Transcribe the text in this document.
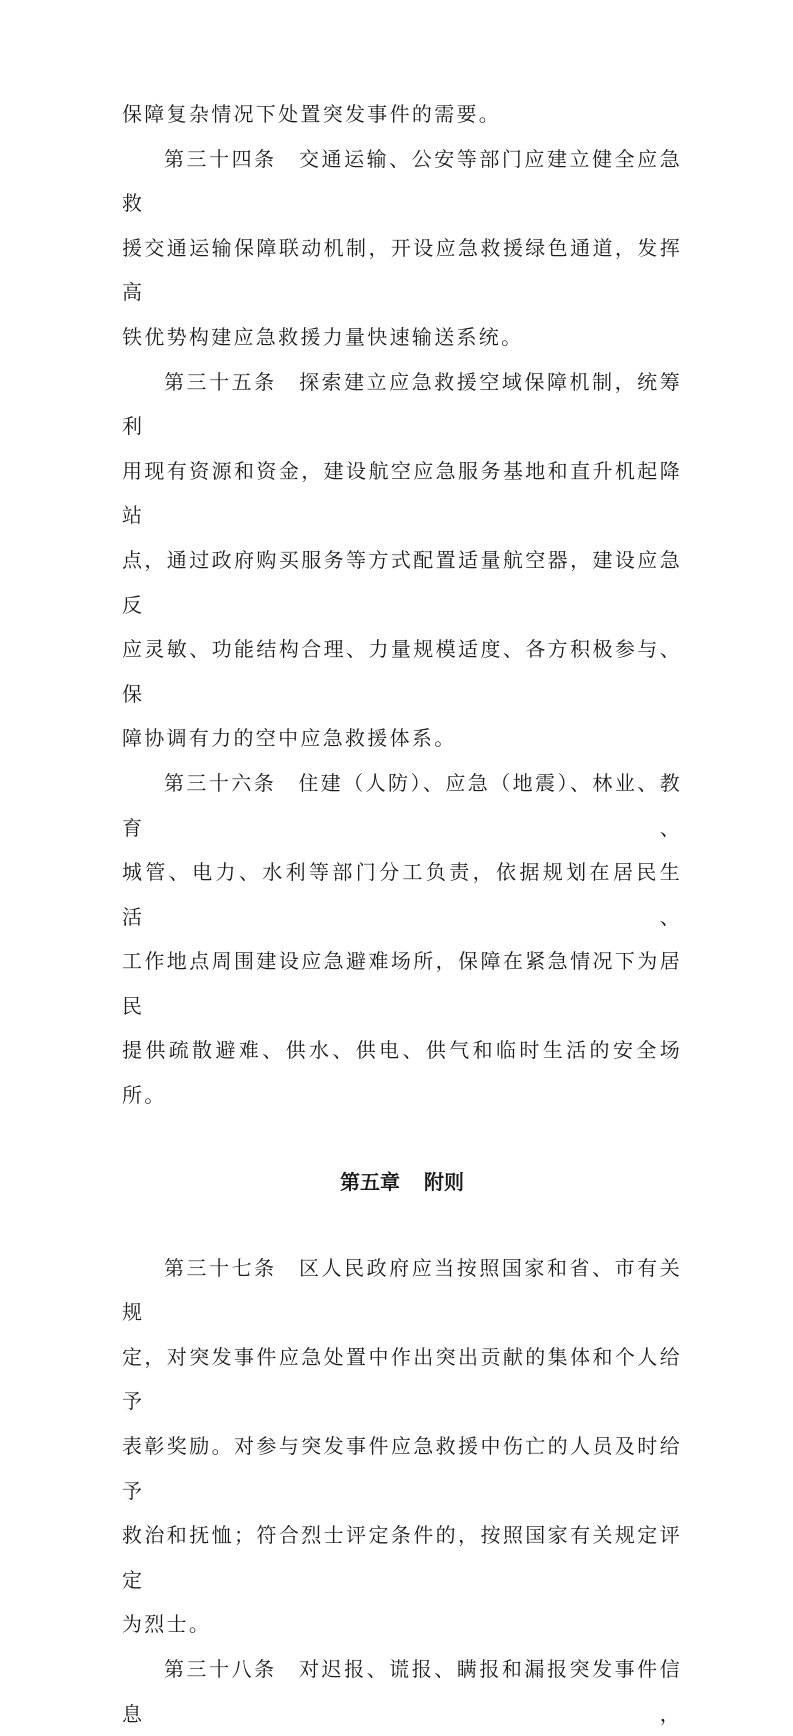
保障复杂情况下处置突发事件的需要。

第三十四条 交通运输、公安等部门应建立健全应急救

援交通运输保障联动机制，开设应急救援绿色通道，发挥高

铁优势构建应急救援力量快速输送系统。

第三十五条 探索建立应急救援空域保障机制，统筹利

用现有资源和资金，建设航空应急服务基地和直升机起降站

点，通过政府购买服务等方式配置适量航空器，建设应急反

应灵敏、功能结构合理、力量规模适度、各方积极参与、保

障协调有力的空中应急救援体系。

第三十六条 住建（人防）、应急（地震）、林业、教育、

城管、电力、水利等部门分工负责，依据规划在居民生活、

工作地点周围建设应急避难场所，保障在紧急情况下为居民

提供疏散避难、供水、供电、供气和临时生活的安全场所。

第五章 附则

第三十七条 区人民政府应当按照国家和省、市有关规

定，对突发事件应急处置中作出突出贡献的集体和个人给予

表彰奖励。对参与突发事件应急救援中伤亡的人员及时给予

救治和抚恤；符合烈士评定条件的，按照国家有关规定评定

为烈士。

第三十八条 对迟报、谎报、瞒报和漏报突发事件信息，
